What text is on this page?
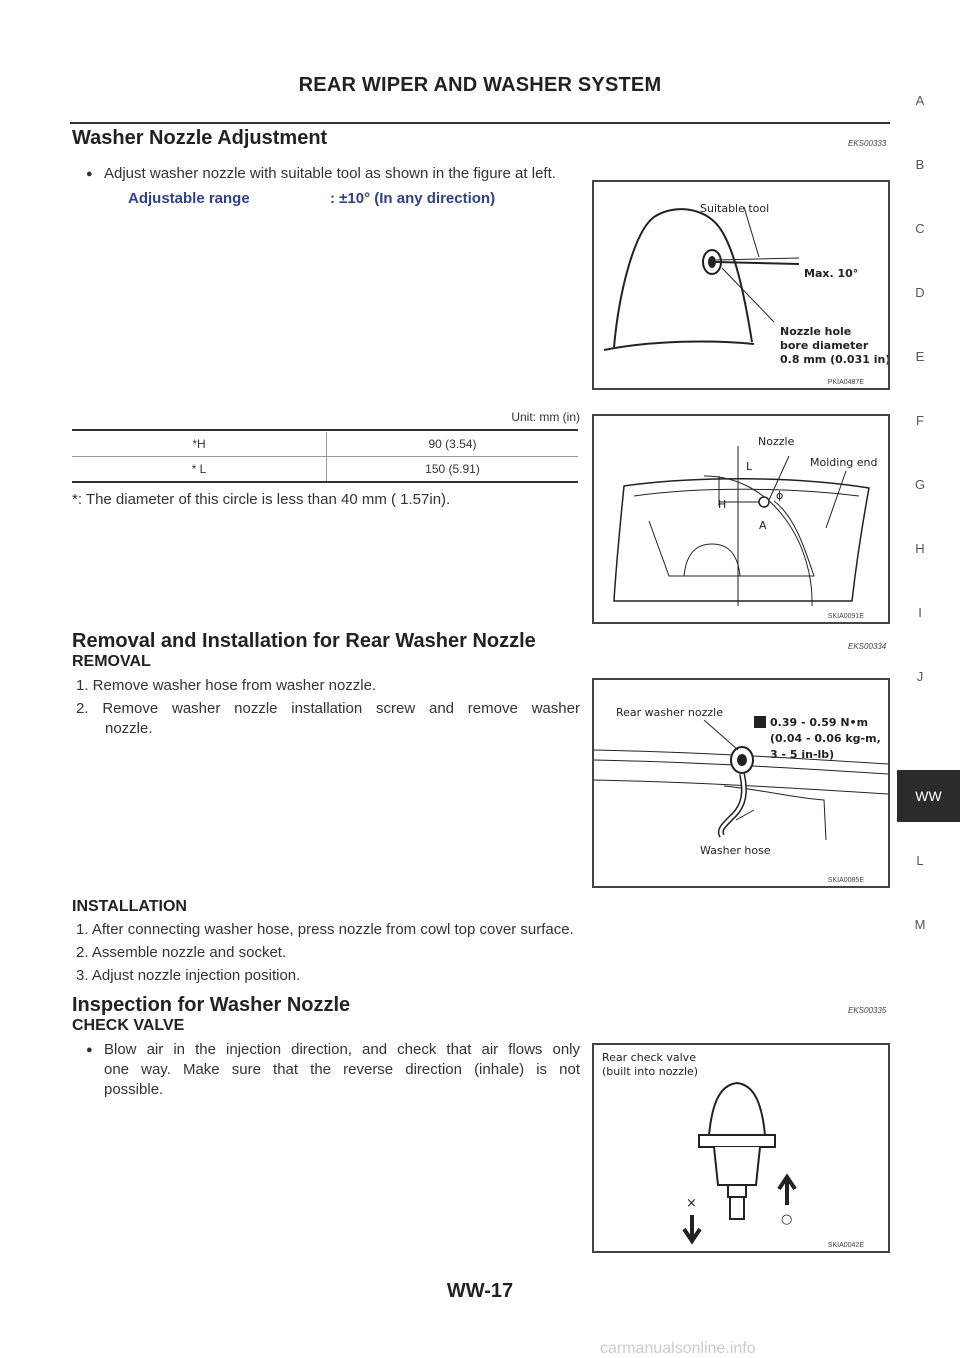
REAR WIPER AND WASHER SYSTEM
A
B
C
D
E
F
G
H
I
J
WW
L
M
Washer Nozzle Adjustment	EKS00333
● Adjust washer nozzle with suitable tool as shown in the figure at left.
Adjustable range	: ±10° (In any direction)
Suitable tool
Max. 10°
Nozzle hole
bore diameter
0.8 mm (0.031 in)
PKIA0487E
Unit: mm (in)
*H	90 (3.54)
* L	150 (5.91)
*: The diameter of this circle is less than 40 mm ( 1.57in).
Nozzle
Molding end
L
H
A
ϕ
SKIA0091E
Removal and Installation for Rear Washer Nozzle	EKS00334
REMOVAL
1. Remove washer hose from washer nozzle.
2. Remove washer nozzle installation screw and remove washer
nozzle.
Rear washer nozzle
0.39 - 0.59 N•m
(0.04 - 0.06 kg-m,
3 - 5 in-lb)
Washer hose
SKIA0085E
INSTALLATION
1. After connecting washer hose, press nozzle from cowl top cover surface.
2. Assemble nozzle and socket.
3. Adjust nozzle injection position.
Inspection for Washer Nozzle	EKS00335
CHECK VALVE
● Blow air in the injection direction, and check that air flows only
one way. Make sure that the reverse direction (inhale) is not
possible.
Rear check valve
(built into nozzle)
×
○
SKIA0042E
WW-17
carmanualsonline.info
